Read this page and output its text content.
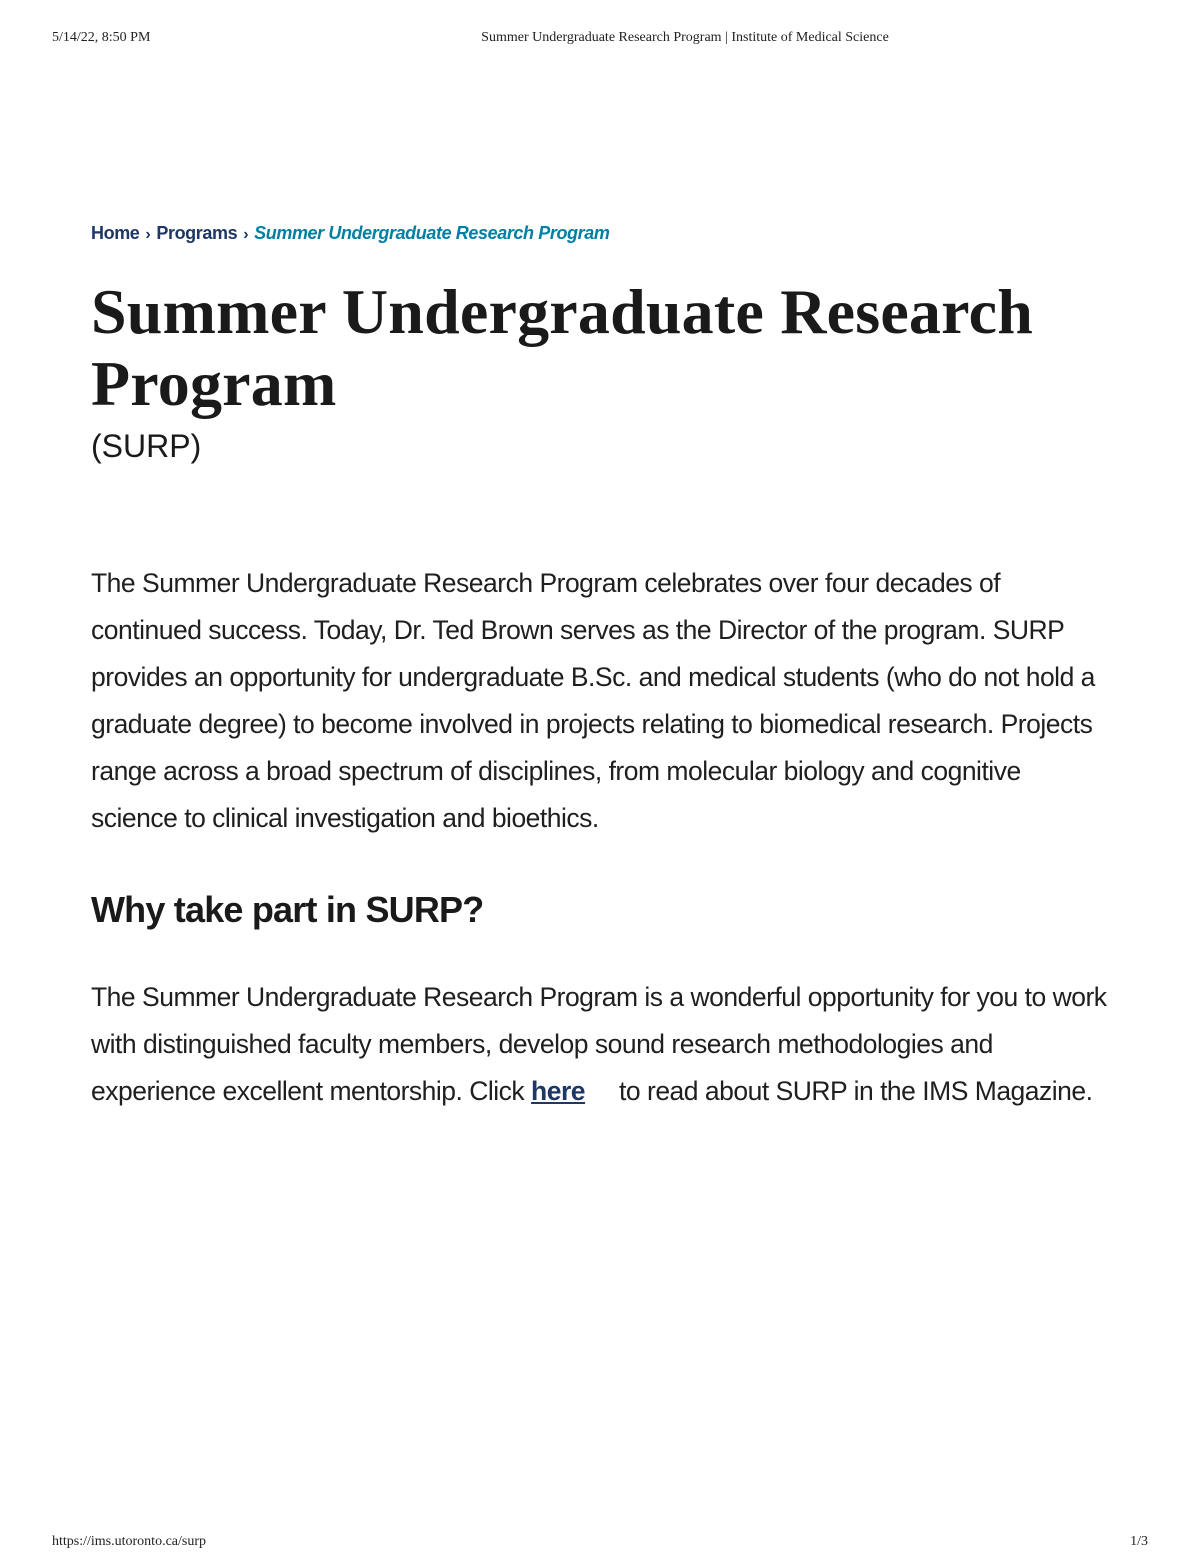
5/14/22, 8:50 PM	Summer Undergraduate Research Program | Institute of Medical Science
Home › Programs › Summer Undergraduate Research Program
Summer Undergraduate Research Program
(SURP)

The Summer Undergraduate Research Program celebrates over four decades of continued success. Today, Dr. Ted Brown serves as the Director of the program. SURP provides an opportunity for undergraduate B.Sc. and medical students (who do not hold a graduate degree) to become involved in projects relating to biomedical research. Projects range across a broad spectrum of disciplines, from molecular biology and cognitive science to clinical investigation and bioethics.

Why take part in SURP?

The Summer Undergraduate Research Program is a wonderful opportunity for you to work with distinguished faculty members, develop sound research methodologies and experience excellent mentorship. Click here to read about SURP in the IMS Magazine.

https://ims.utoronto.ca/surp	1/3
